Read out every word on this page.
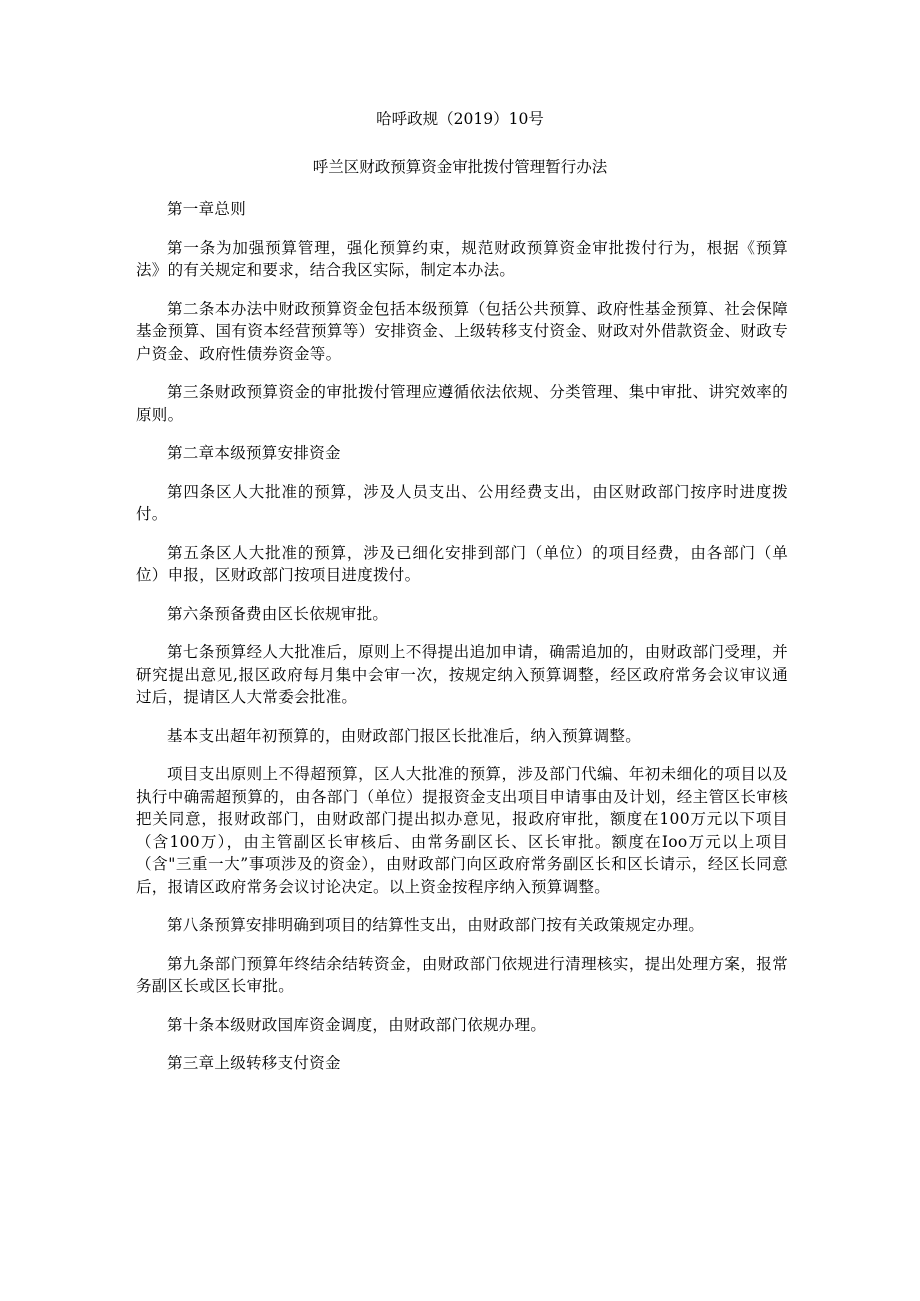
哈呼政规（2019）10号

呼兰区财政预算资金审批拨付管理暂行办法

第一章总则

第一条为加强预算管理，强化预算约束，规范财政预算资金审批拨付行为，根据《预算法》的有关规定和要求，结合我区实际，制定本办法。

第二条本办法中财政预算资金包括本级预算（包括公共预算、政府性基金预算、社会保障基金预算、国有资本经营预算等）安排资金、上级转移支付资金、财政对外借款资金、财政专户资金、政府性债券资金等。

第三条财政预算资金的审批拨付管理应遵循依法依规、分类管理、集中审批、讲究效率的原则。

第二章本级预算安排资金

第四条区人大批准的预算，涉及人员支出、公用经费支出，由区财政部门按序时进度拨付。

第五条区人大批准的预算，涉及已细化安排到部门（单位）的项目经费，由各部门（单位）申报，区财政部门按项目进度拨付。

第六条预备费由区长依规审批。

第七条预算经人大批准后，原则上不得提出追加申请，确需追加的，由财政部门受理，并研究提出意见,报区政府每月集中会审一次，按规定纳入预算调整，经区政府常务会议审议通过后，提请区人大常委会批准。

基本支出超年初预算的，由财政部门报区长批准后，纳入预算调整。

项目支出原则上不得超预算，区人大批准的预算，涉及部门代编、年初未细化的项目以及执行中确需超预算的，由各部门（单位）提报资金支出项目申请事由及计划，经主管区长审核把关同意，报财政部门，由财政部门提出拟办意见，报政府审批，额度在100万元以下项目（含100万），由主管副区长审核后、由常务副区长、区长审批。额度在Ioo万元以上项目（含"三重一大”事项涉及的资金），由财政部门向区政府常务副区长和区长请示，经区长同意后，报请区政府常务会议讨论决定。以上资金按程序纳入预算调整。

第八条预算安排明确到项目的结算性支出，由财政部门按有关政策规定办理。

第九条部门预算年终结余结转资金，由财政部门依规进行清理核实，提出处理方案，报常务副区长或区长审批。

第十条本级财政国库资金调度，由财政部门依规办理。

第三章上级转移支付资金
